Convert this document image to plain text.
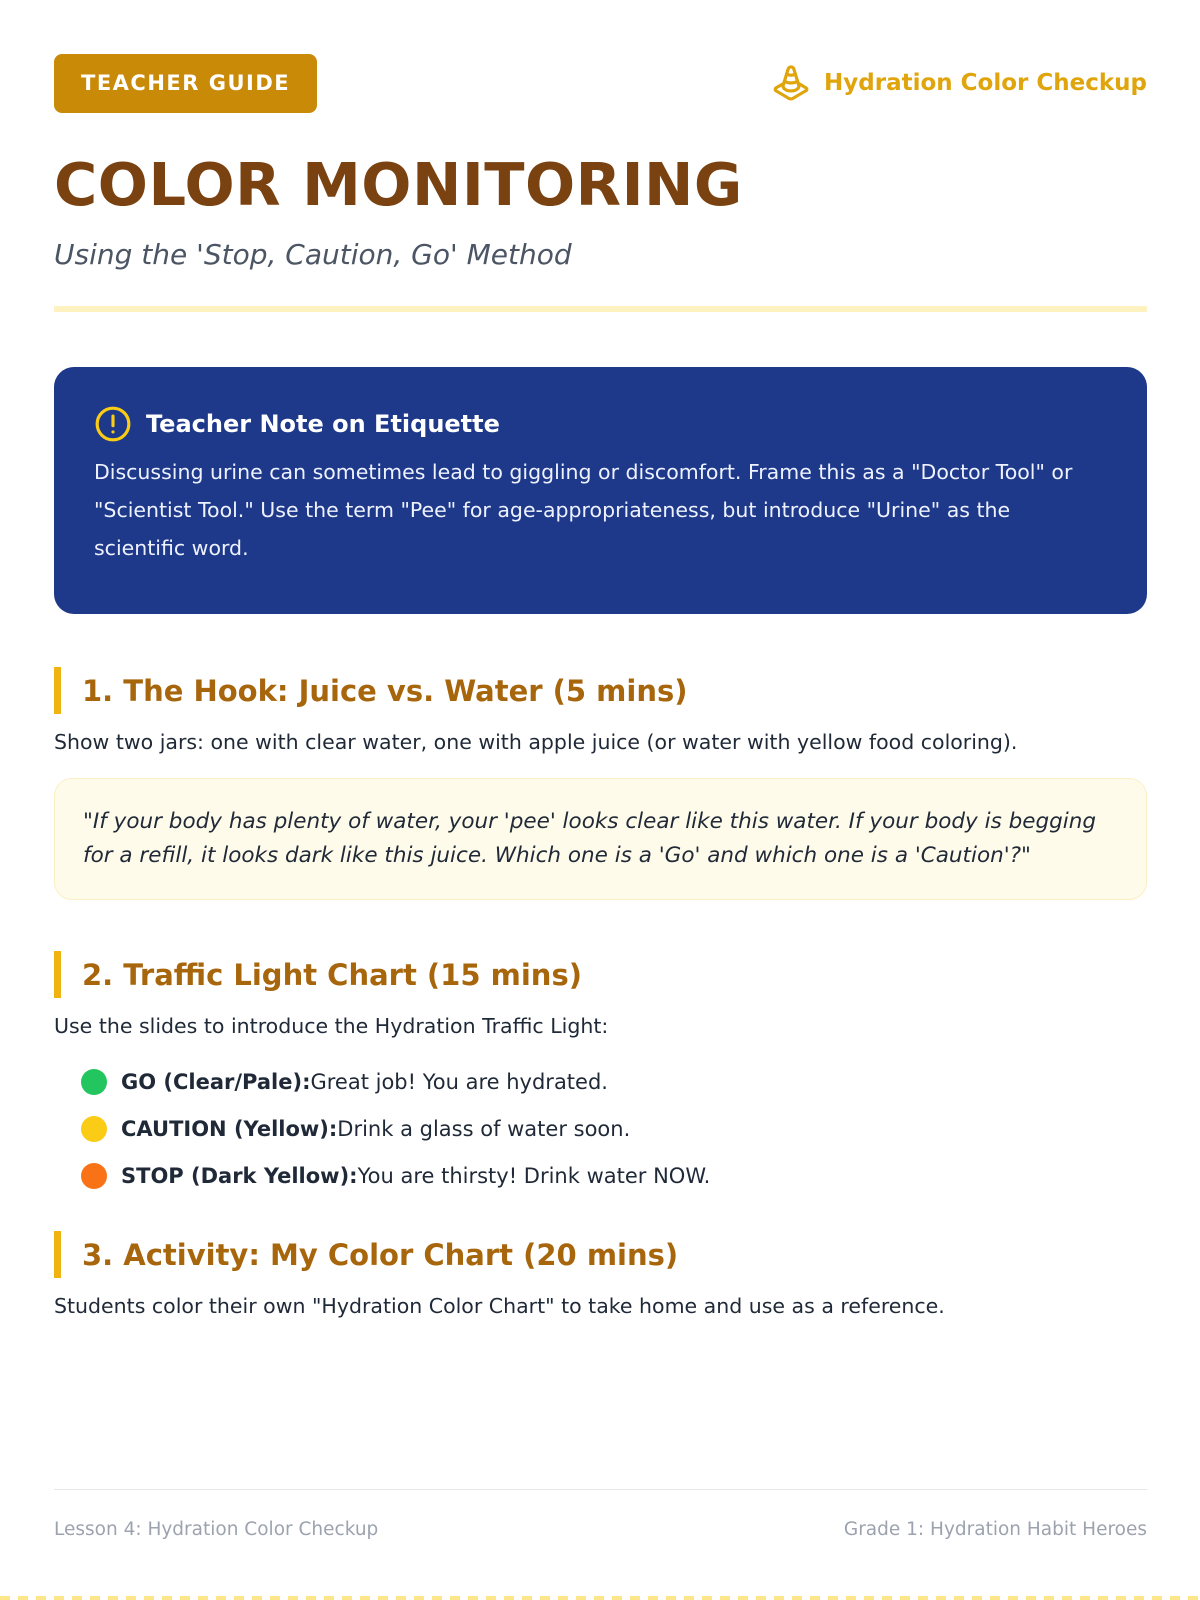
TEACHER GUIDE	Hydration Color Checkup
COLOR MONITORING
Using the 'Stop, Caution, Go' Method
Teacher Note on Etiquette
Discussing urine can sometimes lead to giggling or discomfort. Frame this as a "Doctor Tool" or "Scientist Tool." Use the term "Pee" for age-appropriateness, but introduce "Urine" as the scientific word.
1. The Hook: Juice vs. Water (5 mins)
Show two jars: one with clear water, one with apple juice (or water with yellow food coloring).
"If your body has plenty of water, your 'pee' looks clear like this water. If your body is begging for a refill, it looks dark like this juice. Which one is a 'Go' and which one is a 'Caution'?"
2. Traffic Light Chart (15 mins)
Use the slides to introduce the Hydration Traffic Light:
GO (Clear/Pale): Great job! You are hydrated.
CAUTION (Yellow): Drink a glass of water soon.
STOP (Dark Yellow): You are thirsty! Drink water NOW.
3. Activity: My Color Chart (20 mins)
Students color their own "Hydration Color Chart" to take home and use as a reference.
Lesson 4: Hydration Color Checkup	Grade 1: Hydration Habit Heroes
